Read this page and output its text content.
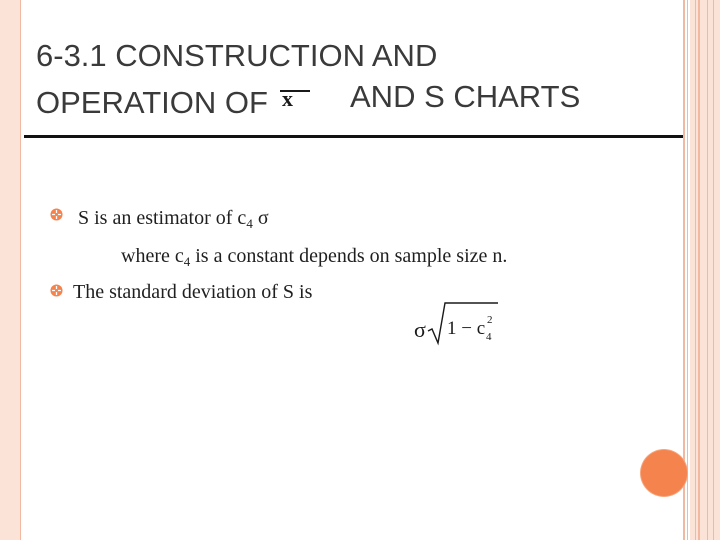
6-3.1 CONSTRUCTION AND
OPERATION OF x AND S CHARTS
S is an estimator of $c_4$ σ
where $c_4$ is a constant depends on sample size n.
The standard deviation of S is
σ 1 − c 4
2
